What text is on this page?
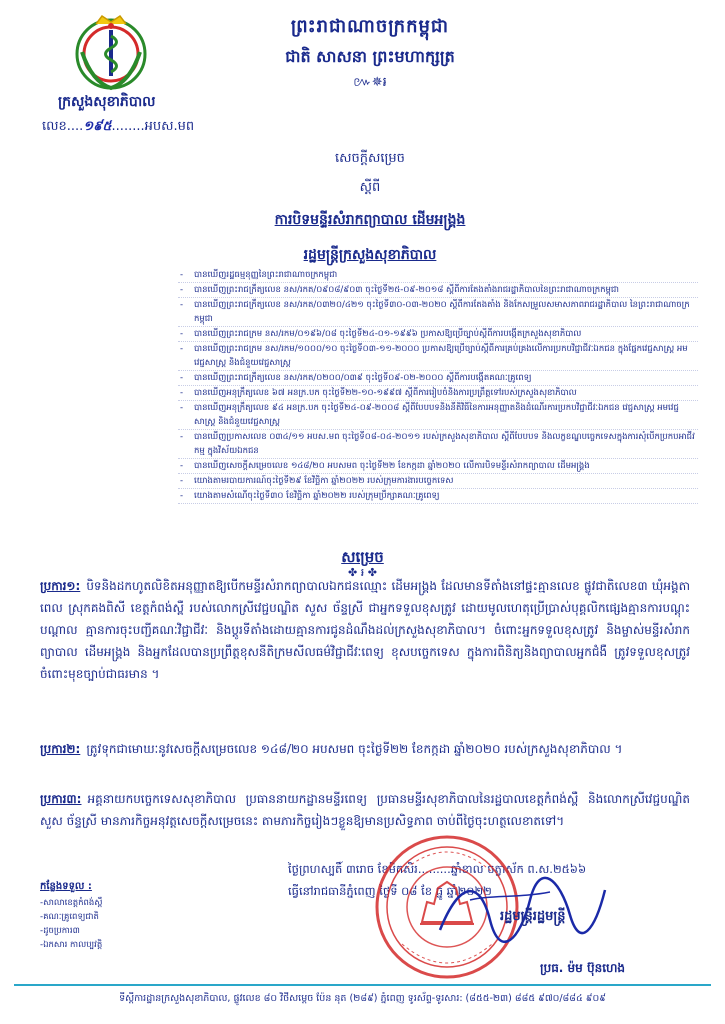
ក្រសួងសុខាភិបាល
លេខ....១៩៥........អបស.មព
ព្រះរាជាណាចក្រកម្ពុជា
ជាតិ សាសនា ព្រះមហាក្សត្រ
៚✵៛
សេចក្តីសម្រេច
ស្តីពី
ការបិទមន្ទីរសំរាកព្យាបាល ដើមអង្គ្រង
រដ្ឋមន្ត្រីក្រសួងសុខាភិបាល
- បានឃើញរដ្ឋធម្មនុញ្ញនៃព្រះរាជាណាចក្រកម្ពុជា
- បានឃើញព្រះរាជក្រឹត្យលេខ នស/រកត/០៩០៨/៩០៣ ចុះថ្ងៃទី២៥-០៩-២០១៨ ស្តីពីការតែងតាំងរាជរដ្ឋាភិបាលនៃព្រះរាជាណាចក្រកម្ពុជា
- បានឃើញព្រះរាជក្រឹត្យលេខ នស/រកត/០៣២០/៤២១ ចុះថ្ងៃទី៣០-០៣-២០២០ ស្តីពីការតែងតាំង និងកែសម្រួលសមាសភាពរាជរដ្ឋាភិបាល នៃព្រះរាជាណាចក្រកម្ពុជា
- បានឃើញព្រះរាជក្រម នស/រកម/០១៩៦/០៨ ចុះថ្ងៃទី២៤-០១-១៩៩៦ ប្រកាសឱ្យប្រើច្បាប់ស្តីពីការបង្កើតក្រសួងសុខាភិបាល
- បានឃើញព្រះរាជក្រម នស/រកម/១០០០/១០ ចុះថ្ងៃទី០៣-១១-២០០០ ប្រកាសឱ្យប្រើច្បាប់ស្តីពីការគ្រប់គ្រងលើការប្រកបវិជ្ជាជីវៈឯកជន ក្នុងផ្នែកវេជ្ជសាស្ត្រ អមវេជ្ជសាស្ត្រ និងជំនួយវេជ្ជសាស្ត្រ
- បានឃើញព្រះរាជក្រឹត្យលេខ នស/រកត/០២០០/០៣៩ ចុះថ្ងៃទី០៩-០២-២០០០ ស្តីពីការបង្កើតគណៈគ្រូពេទ្យ
- បានឃើញអនុក្រឹត្យលេខ ៦៧ អនក្រ.បក ចុះថ្ងៃទី២២-១០-១៩៩៧ ស្តីពីការរៀបចំនិងការប្រព្រឹត្តទៅរបស់ក្រសួងសុខាភិបាល
- បានឃើញអនុក្រឹត្យលេខ ៩៤ អនក្រ.បក ចុះថ្ងៃទី២៤-០៩-២០០៨ ស្តីពីបែបបទនិងនីតិវិធីនៃការអនុញ្ញាតនិងដំណើរការប្រកបវិជ្ជាជីវៈឯកជន វេជ្ជសាស្ត្រ អមវេជ្ជសាស្ត្រ និងជំនួយវេជ្ជសាស្ត្រ
- បានឃើញប្រកាសលេខ ០៣៤/១១ អបស.មព ចុះថ្ងៃទី០៨-០៤-២០១១ របស់ក្រសួងសុខាភិបាល ស្តីពីបែបបទ និងលក្ខខណ្ឌបច្ចេកទេសក្នុងការសុំបើកប្រកបអាជីវកម្ម ក្នុងវិស័យឯកជន
- បានឃើញសេចក្តីសម្រេចលេខ ១៤៨/២០ អបសមព ចុះថ្ងៃទី២២ ខែកក្កដា ឆ្នាំ២០២០ លើការបិទមន្ទីរសំរាកព្យាបាល ដើមអង្គ្រង
- យោងតាមរបាយការណ៍ចុះថ្ងៃទី២៩ ខែវិច្ឆិកា ឆ្នាំ២០២២ របស់ក្រុមការងារបច្ចេកទេស
- យោងតាមសំណើចុះថ្ងៃទី៣០ ខែវិច្ឆិកា ឆ្នាំ២០២២ របស់ក្រុមប្រឹក្សាគណៈគ្រូពេទ្យ
សម្រេច
✤ ៛ ✤
ប្រការ១: បិទនិងដកហូតលិខិតអនុញ្ញាតឱ្យបើកមន្ទីរសំរាកព្យាបាលឯកជនឈ្មោះ ដើមអង្គ្រង ដែលមានទីតាំងនៅផ្ទះគ្មានលេខ ផ្លូវជាតិលេខ៣ ឃុំអង្គតាពេល ស្រុកគងពិសី ខេត្តកំពង់ស្ពឺ របស់លោកស្រីវេជ្ជបណ្ឌិត សួស ច័ន្ទស្រី ជាអ្នកទទួលខុសត្រូវ ដោយមូលហេតុប្រើប្រាស់បុគ្គលិកផ្សេងគ្មានការបណ្តុះបណ្តាល គ្មានការចុះបញ្ជីគណៈវិជ្ជាជីវៈ និងប្តូរទីតាំងដោយគ្មានការជូនដំណឹងដល់ក្រសួងសុខាភិបាល។ ចំពោះអ្នកទទួលខុសត្រូវ និងម្ចាស់មន្ទីរសំរាកព្យាបាល ដើមអង្គ្រង និងអ្នកដែលបានប្រព្រឹត្តខុសនីតិក្រមសីលធម៌វិជ្ជាជីវៈពេទ្យ ខុសបច្ចេកទេស ក្នុងការពិនិត្យនិងព្យាបាលអ្នកជំងឺ ត្រូវទទួលខុសត្រូវចំពោះមុខច្បាប់ជាធរមាន ។
ប្រការ២: ត្រូវទុកជាមោឃៈនូវសេចក្តីសម្រេចលេខ ១៤៨/២០ អបសមព ចុះថ្ងៃទី២២ ខែកក្កដា ឆ្នាំ២០២០ របស់ក្រសួងសុខាភិបាល ។
ប្រការ៣: អគ្គនាយកបច្ចេកទេសសុខាភិបាល ប្រធាននាយកដ្ឋានមន្ទីរពេទ្យ ប្រធានមន្ទីរសុខាភិបាលនៃរដ្ឋបាលខេត្តកំពង់ស្ពឺ និងលោកស្រីវេជ្ជបណ្ឌិត សួស ច័ន្ទស្រី មានភារកិច្ចអនុវត្តសេចក្តីសម្រេចនេះ តាមភារកិច្ចរៀងៗខ្លួនឱ្យមានប្រសិទ្ធភាព ចាប់ពីថ្ងៃចុះហត្ថលេខាតទៅ។
ថ្ងៃព្រហស្បតិ៍ ៣រោច ខែមិគសិរ.........ឆ្នាំខាល ចត្វាស័ក ព.ស.២៥៦៦
ធ្វើនៅរាជធានីភ្នំពេញ ថ្ងៃទី ០៨ ខែ ធ្នូ ឆ្នាំ២០២២
រដ្ឋមន្ត្រីរដ្ឋមន្ត្រី
ប្រធ. ម៉ម ប៊ុនហេង
កន្លែងទទួល :
-សាលាខេត្តកំពង់ស្ពឺ
-គណៈគ្រូពេទ្យជាតិ
-ដូចប្រការ៣
-ឯកសារ កាលប្បវត្តិ
ទីស្តីការដ្ឋានក្រសួងសុខាភិបាល, ផ្លូវលេខ ៨០ វិថីសម្តេច ប៉ែន នុត (២៨៩) ភ្នំពេញ ទូរស័ព្ទ-ទូរសារ: (៨៥៥-២៣) ៨៨៥ ៩៧០/៨៨៤ ៩០៩
